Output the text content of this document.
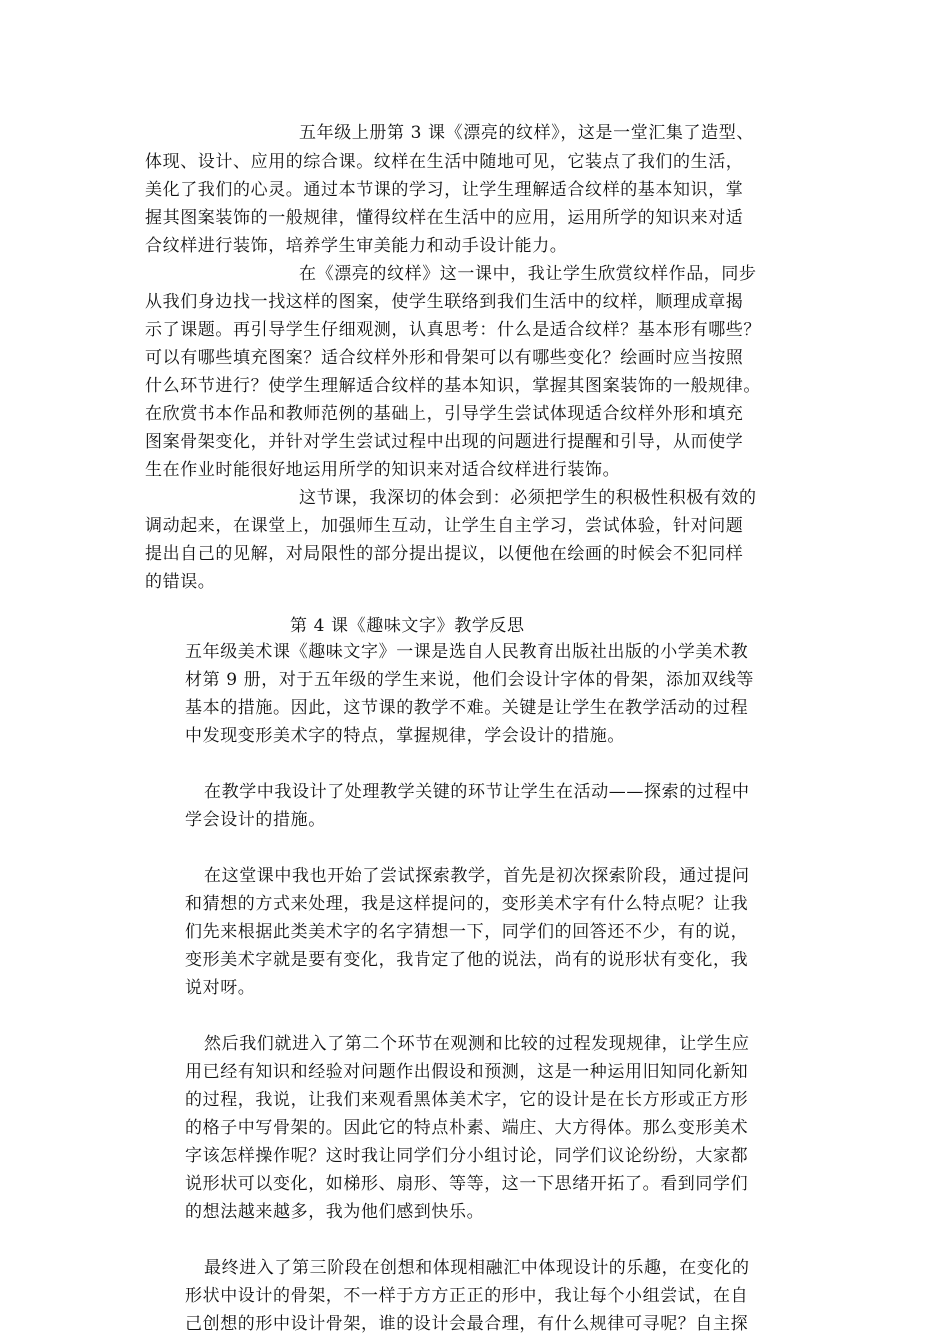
五年级上册第 3 课《漂亮的纹样》，这是一堂汇集了造型、
体现、设计、应用的综合课。纹样在生活中随地可见，它装点了我们的生活，
美化了我们的心灵。通过本节课的学习，让学生理解适合纹样的基本知识，掌
握其图案装饰的一般规律，懂得纹样在生活中的应用，运用所学的知识来对适
合纹样进行装饰，培养学生审美能力和动手设计能力。
在《漂亮的纹样》这一课中，我让学生欣赏纹样作品，同步
从我们身边找一找这样的图案，使学生联络到我们生活中的纹样，顺理成章揭
示了课题。再引导学生仔细观测，认真思考：什么是适合纹样？基本形有哪些？
可以有哪些填充图案？适合纹样外形和骨架可以有哪些变化？绘画时应当按照
什么环节进行？使学生理解适合纹样的基本知识，掌握其图案装饰的一般规律。
在欣赏书本作品和教师范例的基础上，引导学生尝试体现适合纹样外形和填充
图案骨架变化，并针对学生尝试过程中出现的问题进行提醒和引导，从而使学
生在作业时能很好地运用所学的知识来对适合纹样进行装饰。
这节课，我深切的体会到：必须把学生的积极性积极有效的
调动起来，在课堂上，加强师生互动，让学生自主学习，尝试体验，针对问题
提出自己的见解，对局限性的部分提出提议，以便他在绘画的时候会不犯同样
的错误。
第 4 课《趣味文字》教学反思
五年级美术课《趣味文字》一课是选自人民教育出版社出版的小学美术教
材第 9 册，对于五年级的学生来说，他们会设计字体的骨架，添加双线等
基本的措施。因此，这节课的教学不难。关键是让学生在教学活动的过程
中发现变形美术字的特点，掌握规律，学会设计的措施。
在教学中我设计了处理教学关键的环节让学生在活动——探索的过程中
学会设计的措施。
在这堂课中我也开始了尝试探索教学，首先是初次探索阶段，通过提问
和猜想的方式来处理，我是这样提问的，变形美术字有什么特点呢？让我
们先来根据此类美术字的名字猜想一下，同学们的回答还不少，有的说，
变形美术字就是要有变化，我肯定了他的说法，尚有的说形状有变化，我
说对呀。
然后我们就进入了第二个环节在观测和比较的过程发现规律，让学生应
用已经有知识和经验对问题作出假设和预测，这是一种运用旧知同化新知
的过程，我说，让我们来观看黑体美术字，它的设计是在长方形或正方形
的格子中写骨架的。因此它的特点朴素、端庄、大方得体。那么变形美术
字该怎样操作呢？这时我让同学们分小组讨论，同学们议论纷纷，大家都
说形状可以变化，如梯形、扇形、等等，这一下思绪开拓了。看到同学们
的想法越来越多，我为他们感到快乐。
最终进入了第三阶段在创想和体现相融汇中体现设计的乐趣，在变化的
形状中设计的骨架，不一样于方方正正的形中，我让每个小组尝试，在自
己创想的形中设计骨架，谁的设计会最合理，有什么规律可寻呢？自主探
